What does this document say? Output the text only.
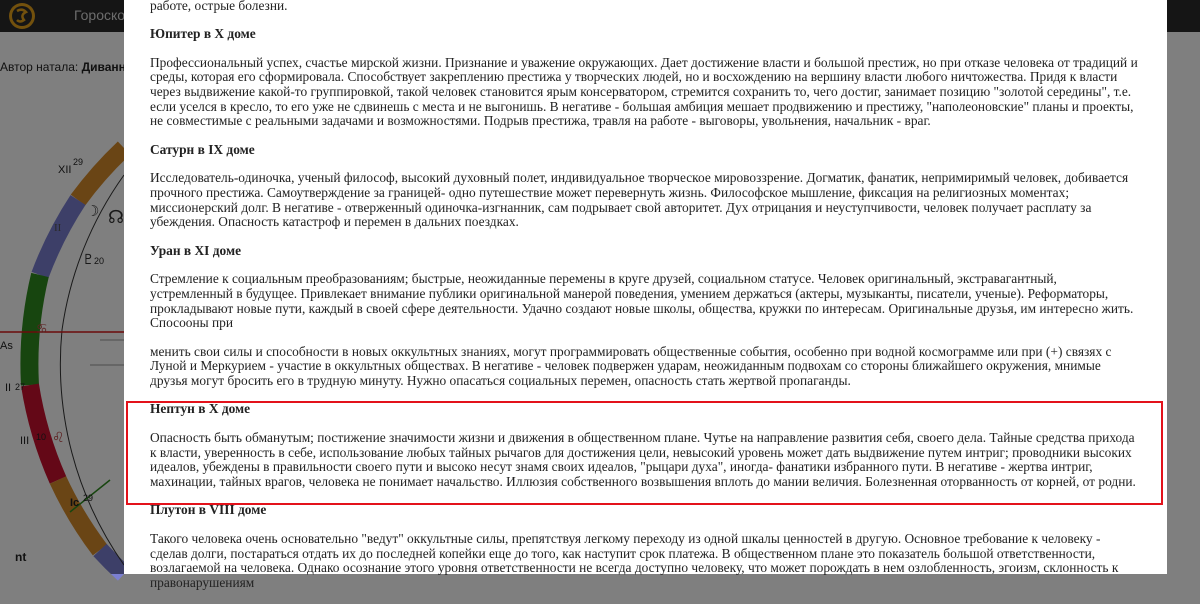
работе, острые болезни.

Юпитер в X доме

Профессиональный успех, счастье мирской жизни. Признание и уважение окружающих. Дает достижение власти и большой престиж, но при отказе человека от традиций и среды, которая его сформировала. Способствует закреплению престижа у творческих людей, но и восхождению на вершину власти любого ничтожества. Придя к власти через выдвижение какой-то группировкой, такой человек становится ярым консерватором, стремится сохранить то, чего достиг, занимает позицию "золотой середины", т.е. если уселся в кресло, то его уже не сдвинешь с места и не выгонишь. В негативе - большая амбиция мешает продвижению и престижу, "наполеоновские" планы и проекты, не совместимые с реальными задачами и возможностями. Подрыв престижа, травля на работе - выговоры, увольнения, начальник - враг.

Сатурн в IX доме

Исследователь-одиночка, ученый философ, высокий духовный полет, индивидуальное творческое мировоззрение. Догматик, фанатик, непримиримый человек, добивается прочного престижа. Самоутверждение за границей- одно путешествие может перевернуть жизнь. Философское мышление, фиксация на религиозных моментах; миссионерский долг. В негативе - отверженный одиночка-изгнанник, сам подрывает свой авторитет. Дух отрицания и неуступчивости, человек получает расплату за убеждения. Опасность катастроф и перемен в дальних поездках.

Уран в XI доме

Стремление к социальным преобразованиям; быстрые, неожиданные перемены в круге друзей, социальном статусе. Человек оригинальный, экстравагантный, устремленный в будущее. Привлекает внимание публики оригинальной манерой поведения, умением держаться (актеры, музыканты, писатели, ученые). Реформаторы, прокладывают новые пути, каждый в своей сфере деятельности. Удачно создают новые школы, общества, кружки по интересам. Оригинальные друзья, им интересно жить. Спосооны при

менить свои силы и способности в новых оккультных знаниях, могут программировать общественные события, особенно при водной космограмме или при (+) связях с Луной и Меркурием - участие в оккультных обществах. В негативе - человек подвержен ударам, неожиданным подвохам со стороны ближайшего окружения, мнимые друзья могут бросить его в трудную минуту. Нужно опасаться социальных перемен, опасность стать жертвой пропаганды.

Нептун в X доме

Опасность быть обманутым; постижение значимости жизни и движения в общественном плане. Чутье на направление развития себя, своего дела. Тайные средства прихода к власти, уверенность в себе, использование любых тайных рычагов для достижения цели, невысокий уровень может дать выдвижение путем интриг; проводники высоких идеалов, убеждены в правильности своего пути и высоко несут знамя своих идеалов, "рыцари духа", иногда- фанатики избранного пути. В негативе - жертва интриг, махинации, тайных врагов, человека не понимает начальство. Иллюзия собственного возвышения вплоть до мании величия. Болезненная оторванность от корней, от родни.

Плутон в VIII доме

Такого человека очень основательно "ведут" оккультные силы, препятствуя легкому переходу из одной шкалы ценностей в другую. Основное требование к человеку - сделав долги, постараться отдать их до последней копейки еще до того, как наступит срок платежа. В общественном плане это показатель большой ответственности, возлагаемой на человека. Однако осознание этого уровня ответственности не всегда доступно человеку, что может порождать в нем озлобленность, эгоизм, склонность к правонарушениям
